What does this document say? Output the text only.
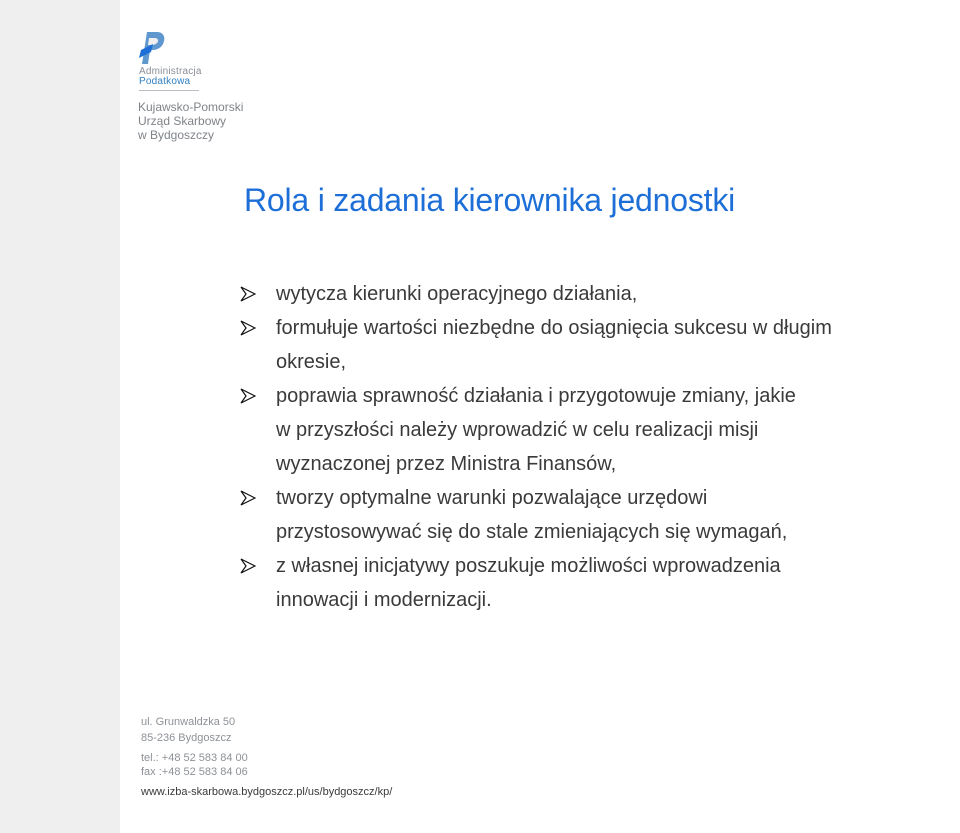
Administracja
Podatkowa
Kujawsko-Pomorski
Urząd Skarbowy
w Bydgoszczy
Rola i zadania kierownika jednostki
wytycza kierunki operacyjnego działania,
formułuje wartości niezbędne do osiągnięcia sukcesu w długim
okresie,
poprawia sprawność działania i przygotowuje zmiany, jakie
w przyszłości należy wprowadzić w celu realizacji misji
wyznaczonej przez Ministra Finansów,
tworzy optymalne warunki pozwalające urzędowi
przystosowywać się do stale zmieniających się wymagań,
z własnej inicjatywy poszukuje możliwości wprowadzenia
innowacji i modernizacji.
ul. Grunwaldzka 50
85-236 Bydgoszcz
tel.: +48 52 583 84 00
fax :+48 52 583 84 06
www.izba-skarbowa.bydgoszcz.pl/us/bydgoszcz/kp/
